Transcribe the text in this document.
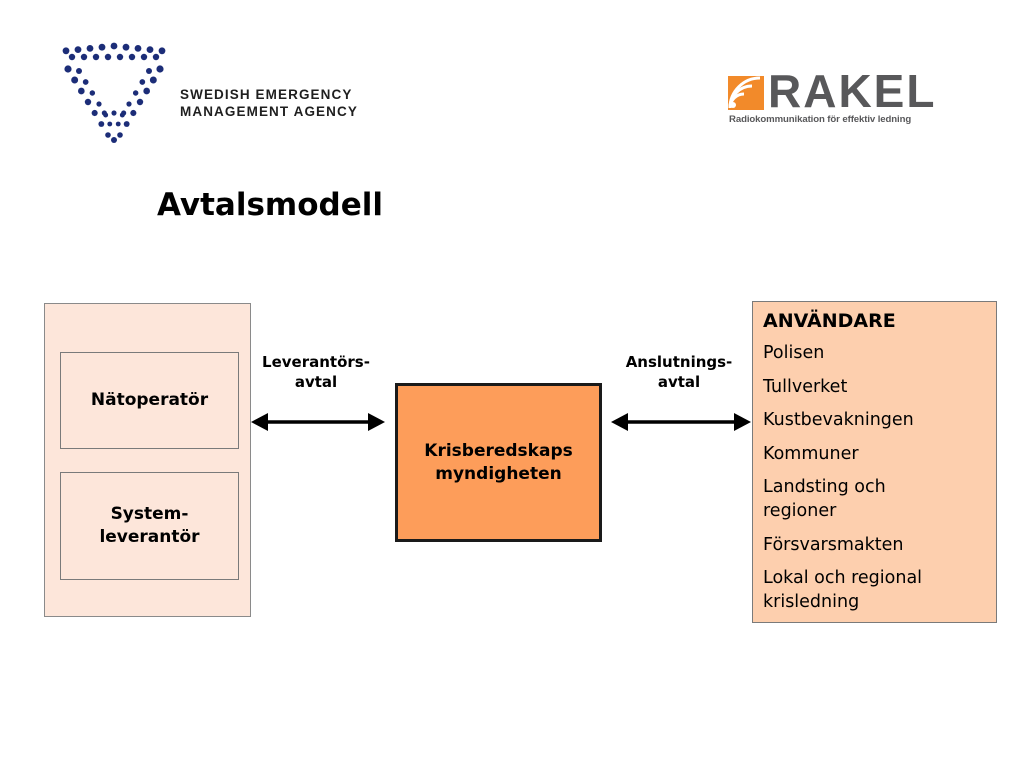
SWEDISH EMERGENCY
MANAGEMENT AGENCY	RAKEL
Radiokommunikation för effektiv ledning
Avtalsmodell
Nätoperatör
System-
leverantör
Leverantörs-
avtal
Krisberedskaps
myndigheten
Anslutnings-
avtal
ANVÄNDARE
Polisen
Tullverket
Kustbevakningen
Kommuner
Landsting och regioner
Försvarsmakten
Lokal och regional krisledning
